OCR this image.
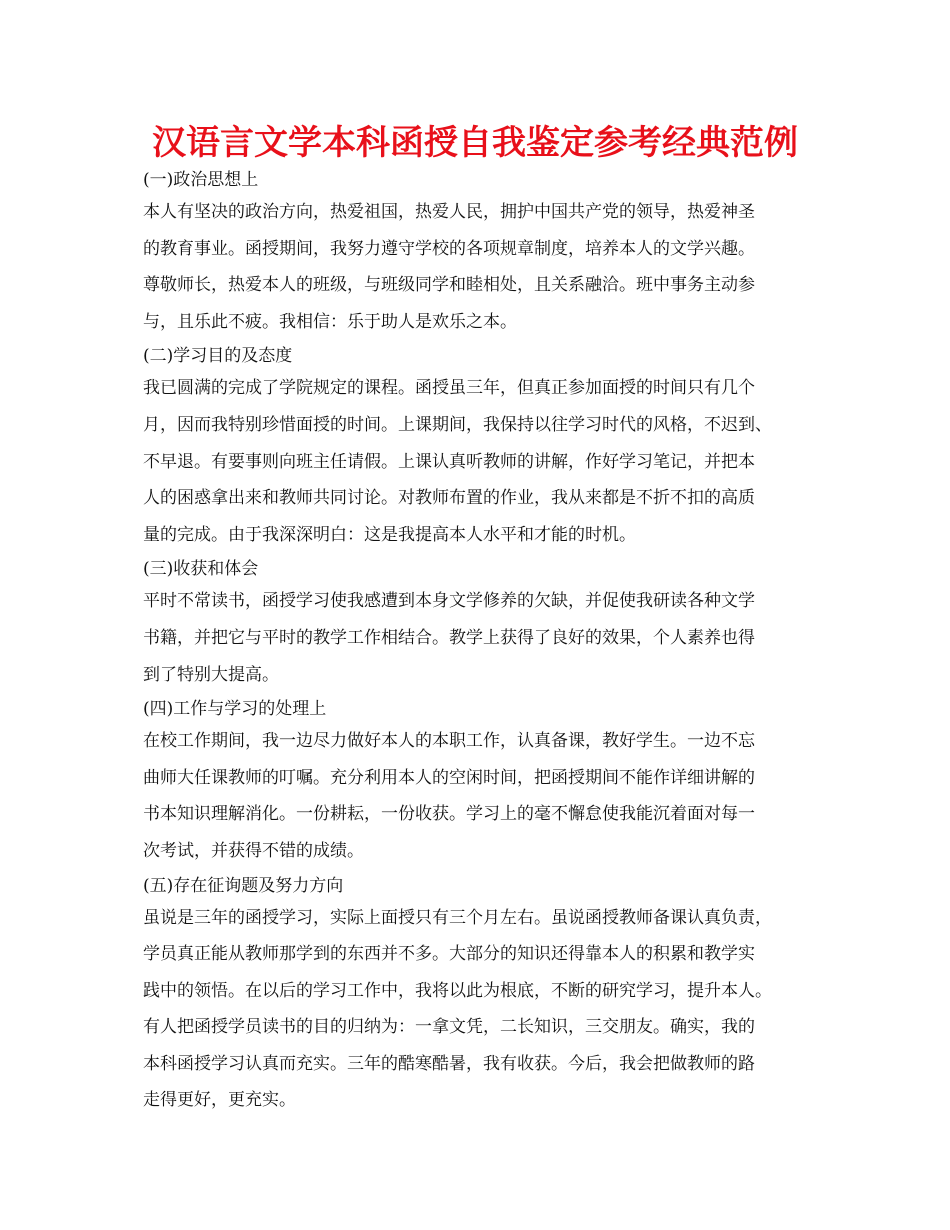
汉语言文学本科函授自我鉴定参考经典范例
(一)政治思想上
本人有坚决的政治方向，热爱祖国，热爱人民，拥护中国共产党的领导，热爱神圣
的教育事业。函授期间，我努力遵守学校的各项规章制度，培养本人的文学兴趣。
尊敬师长，热爱本人的班级，与班级同学和睦相处，且关系融洽。班中事务主动参
与，且乐此不疲。我相信：乐于助人是欢乐之本。
(二)学习目的及态度
我已圆满的完成了学院规定的课程。函授虽三年，但真正参加面授的时间只有几个
月，因而我特别珍惜面授的时间。上课期间，我保持以往学习时代的风格，不迟到、
不早退。有要事则向班主任请假。上课认真听教师的讲解，作好学习笔记，并把本
人的困惑拿出来和教师共同讨论。对教师布置的作业，我从来都是不折不扣的高质
量的完成。由于我深深明白：这是我提高本人水平和才能的时机。
(三)收获和体会
平时不常读书，函授学习使我感遭到本身文学修养的欠缺，并促使我研读各种文学
书籍，并把它与平时的教学工作相结合。教学上获得了良好的效果，个人素养也得
到了特别大提高。
(四)工作与学习的处理上
在校工作期间，我一边尽力做好本人的本职工作，认真备课，教好学生。一边不忘
曲师大任课教师的叮嘱。充分利用本人的空闲时间，把函授期间不能作详细讲解的
书本知识理解消化。一份耕耘，一份收获。学习上的毫不懈怠使我能沉着面对每一
次考试，并获得不错的成绩。
(五)存在征询题及努力方向
虽说是三年的函授学习，实际上面授只有三个月左右。虽说函授教师备课认真负责，
学员真正能从教师那学到的东西并不多。大部分的知识还得靠本人的积累和教学实
践中的领悟。在以后的学习工作中，我将以此为根底，不断的研究学习，提升本人。
有人把函授学员读书的目的归纳为：一拿文凭，二长知识，三交朋友。确实，我的
本科函授学习认真而充实。三年的酷寒酷暑，我有收获。今后，我会把做教师的路
走得更好，更充实。
